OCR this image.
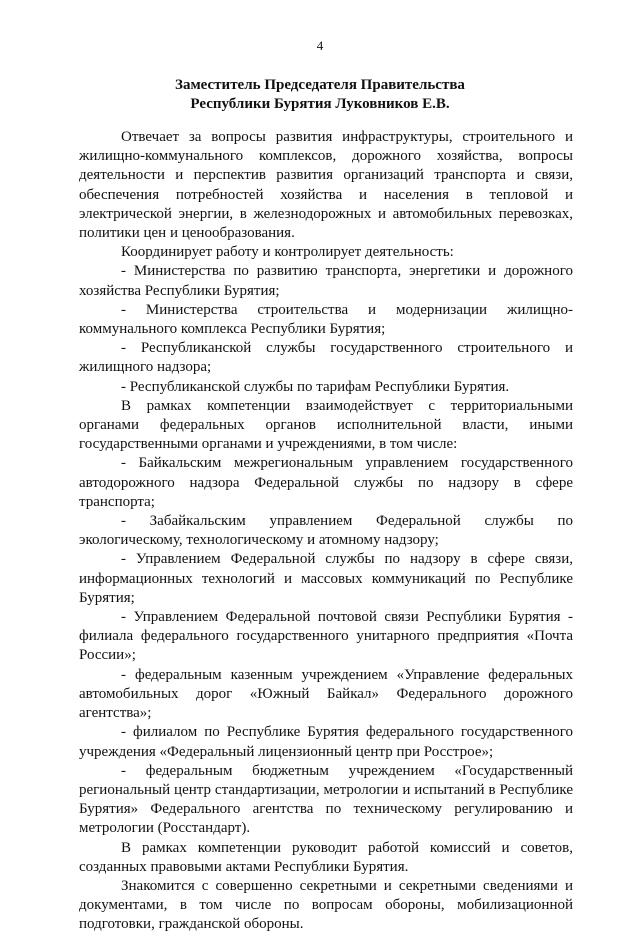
4
Заместитель Председателя Правительства
Республики Бурятия Луковников Е.В.

Отвечает за вопросы развития инфраструктуры, строительного и жилищно-коммунального комплексов, дорожного хозяйства, вопросы деятельности и перспектив развития организаций транспорта и связи, обеспечения потребностей хозяйства и населения в тепловой и электрической энергии, в железнодорожных и автомобильных перевозках, политики цен и ценообразования.

Координирует работу и контролирует деятельность:

- Министерства по развитию транспорта, энергетики и дорожного хозяйства Республики Бурятия;

- Министерства строительства и модернизации жилищно-коммунального комплекса Республики Бурятия;

- Республиканской службы государственного строительного и жилищного надзора;

- Республиканской службы по тарифам Республики Бурятия.

В рамках компетенции взаимодействует с территориальными органами федеральных органов исполнительной власти, иными государственными органами и учреждениями, в том числе:

- Байкальским межрегиональным управлением государственного автодорожного надзора Федеральной службы по надзору в сфере транспорта;

- Забайкальским управлением Федеральной службы по экологическому, технологическому и атомному надзору;

- Управлением Федеральной службы по надзору в сфере связи, информационных технологий и массовых коммуникаций по Республике Бурятия;

- Управлением Федеральной почтовой связи Республики Бурятия - филиала федерального государственного унитарного предприятия «Почта России»;

- федеральным казенным учреждением «Управление федеральных автомобильных дорог «Южный Байкал» Федерального дорожного агентства»;

- филиалом по Республике Бурятия федерального государственного учреждения «Федеральный лицензионный центр при Росстрое»;

- федеральным бюджетным учреждением «Государственный региональный центр стандартизации, метрологии и испытаний в Республике Бурятия» Федерального агентства по техническому регулированию и метрологии (Росстандарт).

В рамках компетенции руководит работой комиссий и советов, созданных правовыми актами Республики Бурятия.

Знакомится с совершенно секретными и секретными сведениями и документами, в том числе по вопросам обороны, мобилизационной подготовки, гражданской обороны.
